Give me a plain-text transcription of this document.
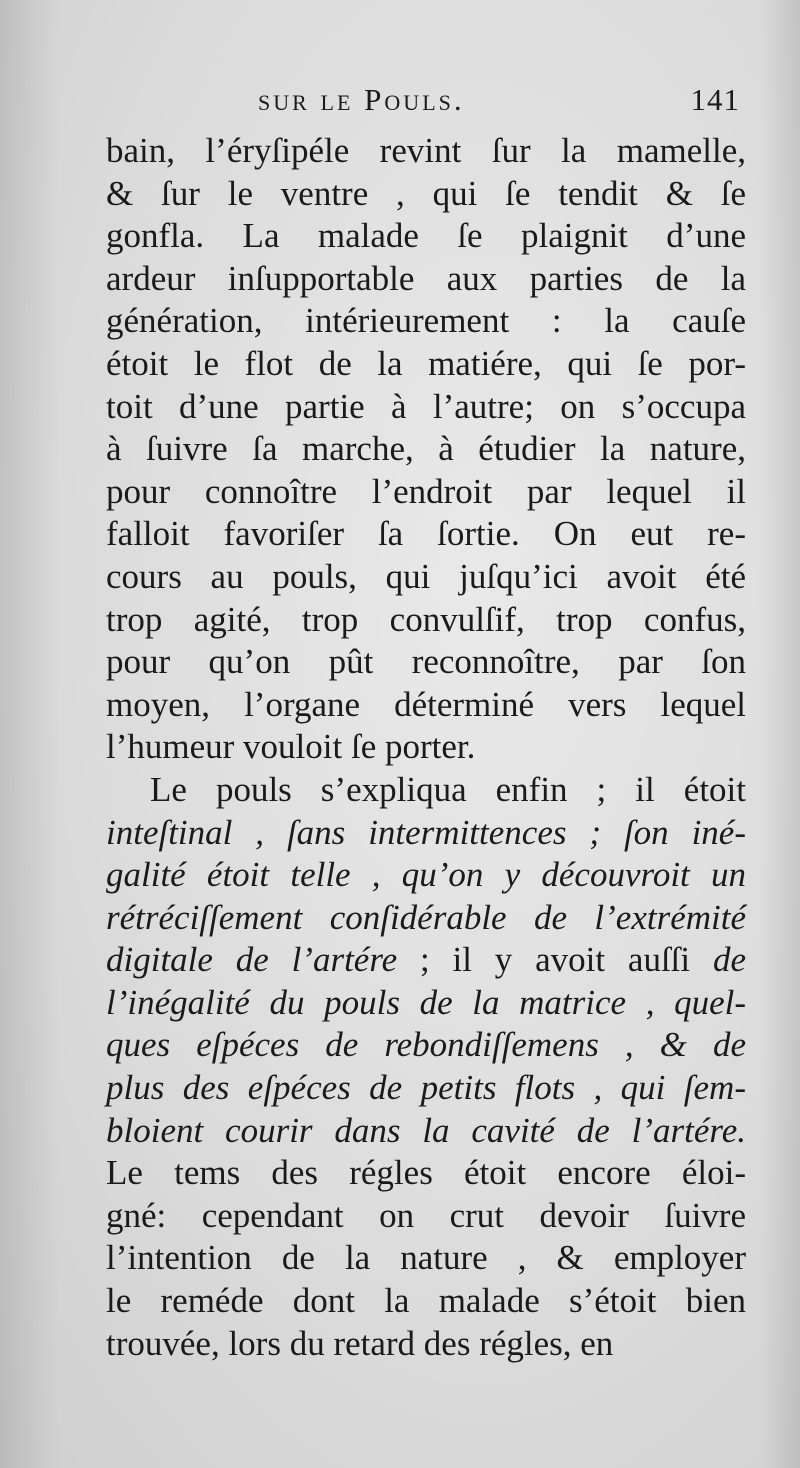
sur le Pouls.	141
bain, l’éryſipéle revint ſur la mamelle,
& ſur le ventre , qui ſe tendit & ſe
gonfla. La malade ſe plaignit d’une
ardeur inſupportable aux parties de la
génération, intérieurement : la cauſe
étoit le flot de la matiére, qui ſe por-
toit d’une partie à l’autre; on s’occupa
à ſuivre ſa marche, à étudier la nature,
pour connoître l’endroit par lequel il
falloit favoriſer ſa ſortie. On eut re-
cours au pouls, qui juſqu’ici avoit été
trop agité, trop convulſif, trop confus,
pour qu’on pût reconnoître, par ſon
moyen, l’organe déterminé vers lequel
l’humeur vouloit ſe porter.
Le pouls s’expliqua enfin ; il étoit
inteſtinal , ſans intermittences ; ſon iné-
galité étoit telle , qu’on y découvroit un
rétréciſſement conſidérable de l’extrémité
digitale de l’artére ; il y avoit auſſi de
l’inégalité du pouls de la matrice , quel-
ques eſpéces de rebondiſſemens , & de
plus des eſpéces de petits flots , qui ſem-
bloient courir dans la cavité de l’artére.
Le tems des régles étoit encore éloi-
gné: cependant on crut devoir ſuivre
l’intention de la nature , & employer
le reméde dont la malade s’étoit bien
trouvée, lors du retard des régles, en
